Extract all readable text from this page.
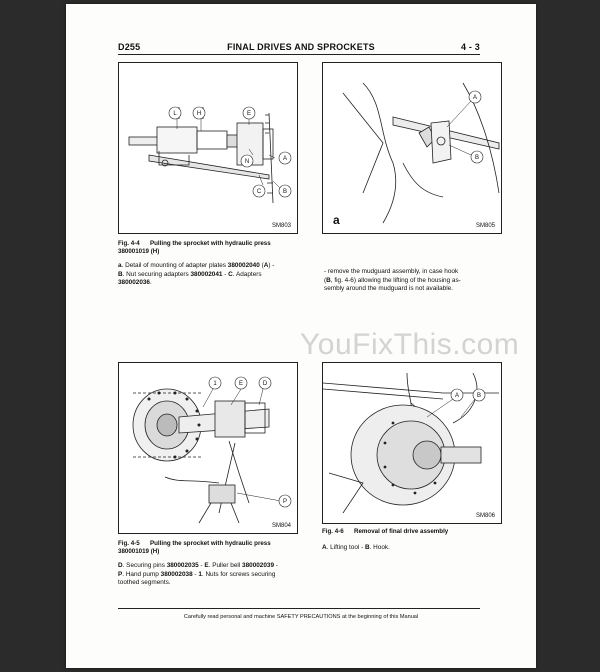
D255	FINAL DRIVES AND SPROCKETS	4 - 3
L	H	E
N	A
C	B
SM803
Fig. 4-4 Pulling the sprocket with hydraulic press
380001019 (H)
a. Detail of mounting of adapter plates 380002040 (A) -
B. Nut securing adapters 380002041 - C. Adapters
380002036.
A
B
a	SM805
- remove the mudguard assembly, in case hook
(B, fig. 4-6) allowing the lifting of the housing as-
sembly around the mudguard is not available.
1	E	D
P
SM804
Fig. 4-5 Pulling the sprocket with hydraulic press
380001019 (H)
D. Securing pins 380002035 - E. Puller bell 380002039 -
P. Hand pump 380002038 - 1. Nuts for screws securing
toothed segments.
A	B
SM806
Fig. 4-6 Removal of final drive assembly
A. Lifting tool - B. Hook.
Carefully read personal and machine SAFETY PRECAUTIONS at the beginning of this Manual
YouFixThis.com
